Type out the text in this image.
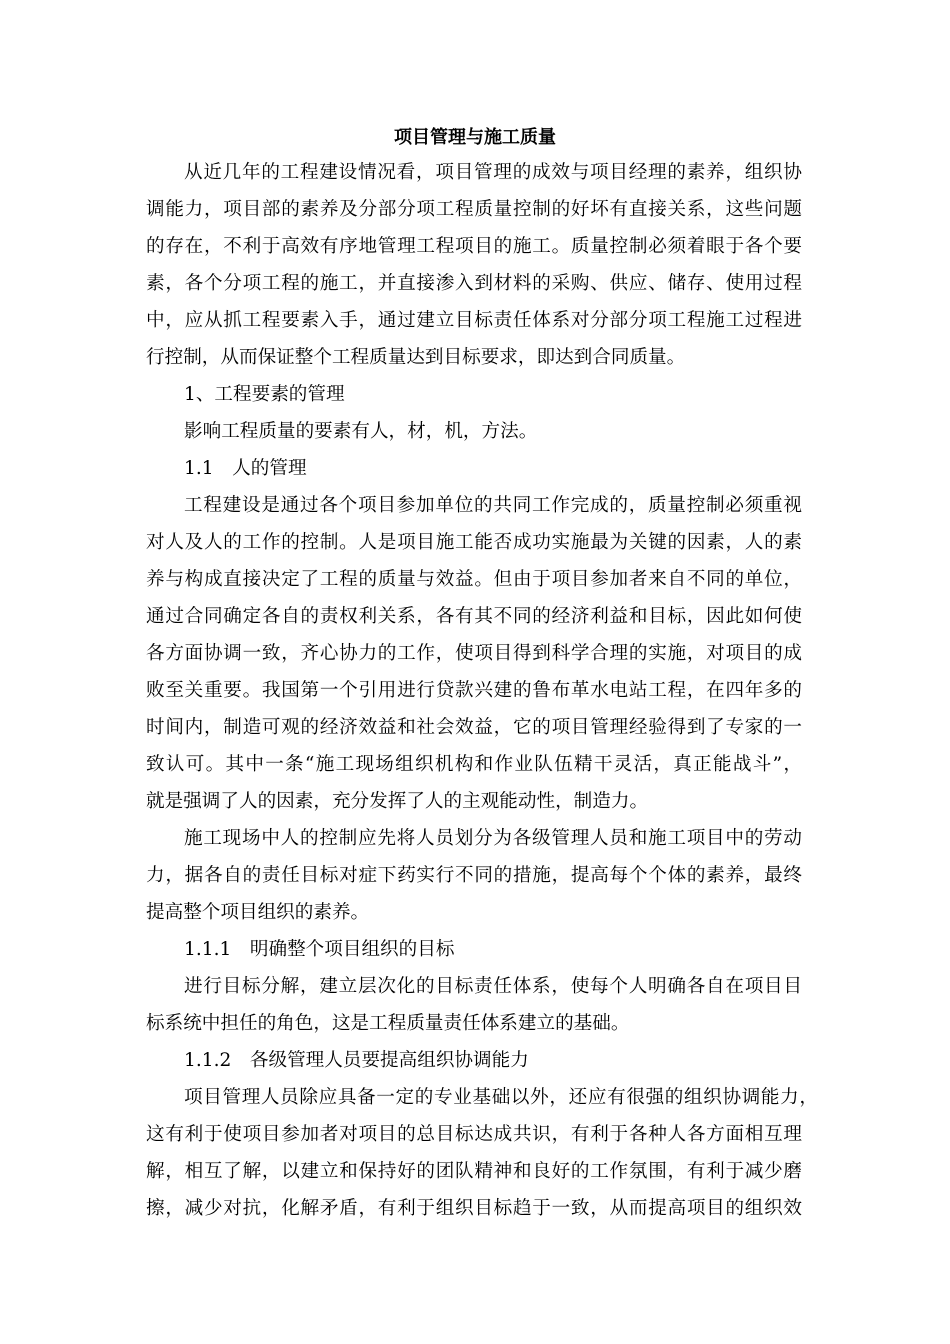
项目管理与施工质量
从近几年的工程建设情况看，项目管理的成效与项目经理的素养，组织协
调能力，项目部的素养及分部分项工程质量控制的好坏有直接关系，这些问题
的存在，不利于高效有序地管理工程项目的施工。质量控制必须着眼于各个要
素，各个分项工程的施工，并直接渗入到材料的采购、供应、储存、使用过程
中，应从抓工程要素入手，通过建立目标责任体系对分部分项工程施工过程进
行控制，从而保证整个工程质量达到目标要求，即达到合同质量。
1、工程要素的管理
影响工程质量的要素有人，材，机，方法。
1.1　人的管理
工程建设是通过各个项目参加单位的共同工作完成的，质量控制必须重视
对人及人的工作的控制。人是项目施工能否成功实施最为关键的因素，人的素
养与构成直接决定了工程的质量与效益。但由于项目参加者来自不同的单位，
通过合同确定各自的责权利关系，各有其不同的经济利益和目标，因此如何使
各方面协调一致，齐心协力的工作，使项目得到科学合理的实施，对项目的成
败至关重要。我国第一个引用进行贷款兴建的鲁布革水电站工程，在四年多的
时间内，制造可观的经济效益和社会效益，它的项目管理经验得到了专家的一
致认可。其中一条“施工现场组织机构和作业队伍精干灵活，真正能战斗”，
就是强调了人的因素，充分发挥了人的主观能动性，制造力。
施工现场中人的控制应先将人员划分为各级管理人员和施工项目中的劳动
力，据各自的责任目标对症下药实行不同的措施，提高每个个体的素养，最终
提高整个项目组织的素养。
1.1.1　明确整个项目组织的目标
进行目标分解，建立层次化的目标责任体系，使每个人明确各自在项目目
标系统中担任的角色，这是工程质量责任体系建立的基础。
1.1.2　各级管理人员要提高组织协调能力
项目管理人员除应具备一定的专业基础以外，还应有很强的组织协调能力，
这有利于使项目参加者对项目的总目标达成共识，有利于各种人各方面相互理
解，相互了解，以建立和保持好的团队精神和良好的工作氛围，有利于减少磨
擦，减少对抗，化解矛盾，有利于组织目标趋于一致，从而提高项目的组织效
